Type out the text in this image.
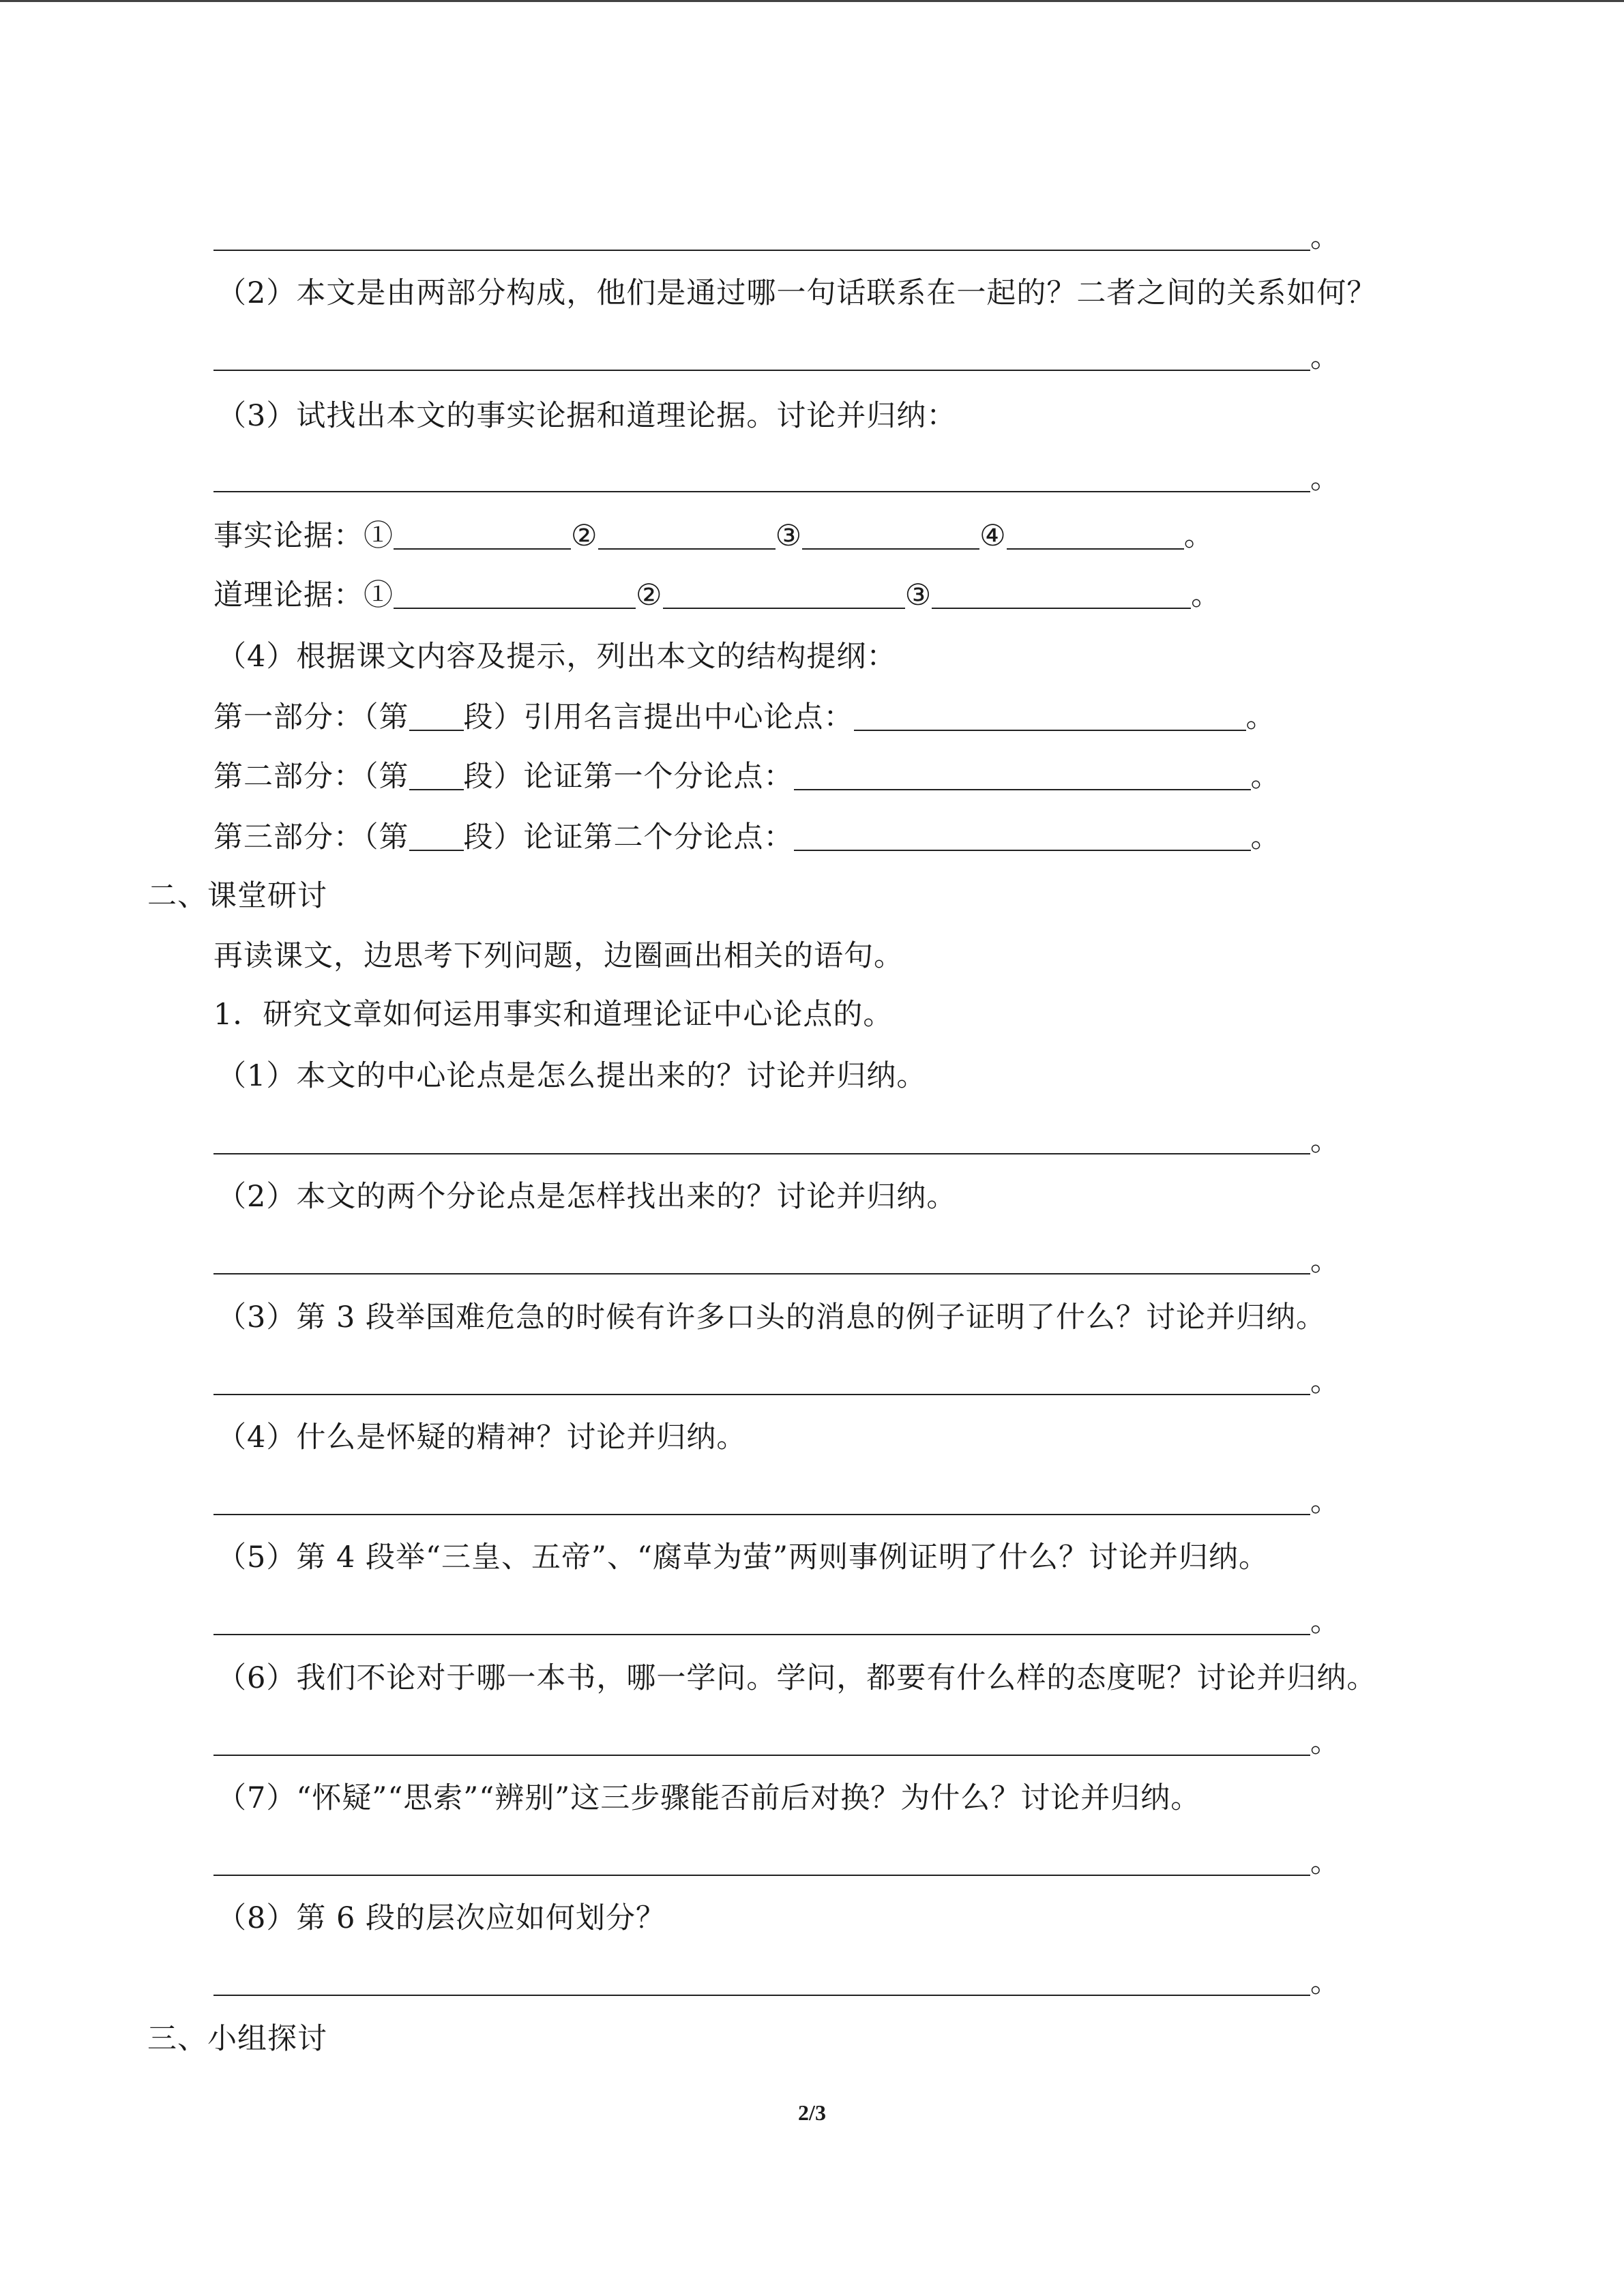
。
（2）本文是由两部分构成，他们是通过哪一句话联系在一起的？二者之间的关系如何？
。
（3）试找出本文的事实论据和道理论据。讨论并归纳：
。
事实论据：①	②	③	④	。
道理论据：①	②	③	。
（4）根据课文内容及提示，列出本文的结构提纲：
第一部分：（第 段）引用名言提出中心论点：	。
第二部分：（第 段）论证第一个分论点：	。
第三部分：（第 段）论证第二个分论点：	。
二、课堂研讨
再读课文，边思考下列问题，边圈画出相关的语句。
1．研究文章如何运用事实和道理论证中心论点的。
（1）本文的中心论点是怎么提出来的？讨论并归纳。
。
（2）本文的两个分论点是怎样找出来的？讨论并归纳。
。
（3）第 3 段举国难危急的时候有许多口头的消息的例子证明了什么？讨论并归纳。
。
（4）什么是怀疑的精神？讨论并归纳。
。
（5）第 4 段举“三皇、五帝”、“腐草为萤”两则事例证明了什么？讨论并归纳。
。
（6）我们不论对于哪一本书，哪一学问。学问，都要有什么样的态度呢？讨论并归纳。
。
（7）“怀疑”“思索”“辨别”这三步骤能否前后对换？为什么？讨论并归纳。
。
（8）第 6 段的层次应如何划分？
。
三、小组探讨
2/3
